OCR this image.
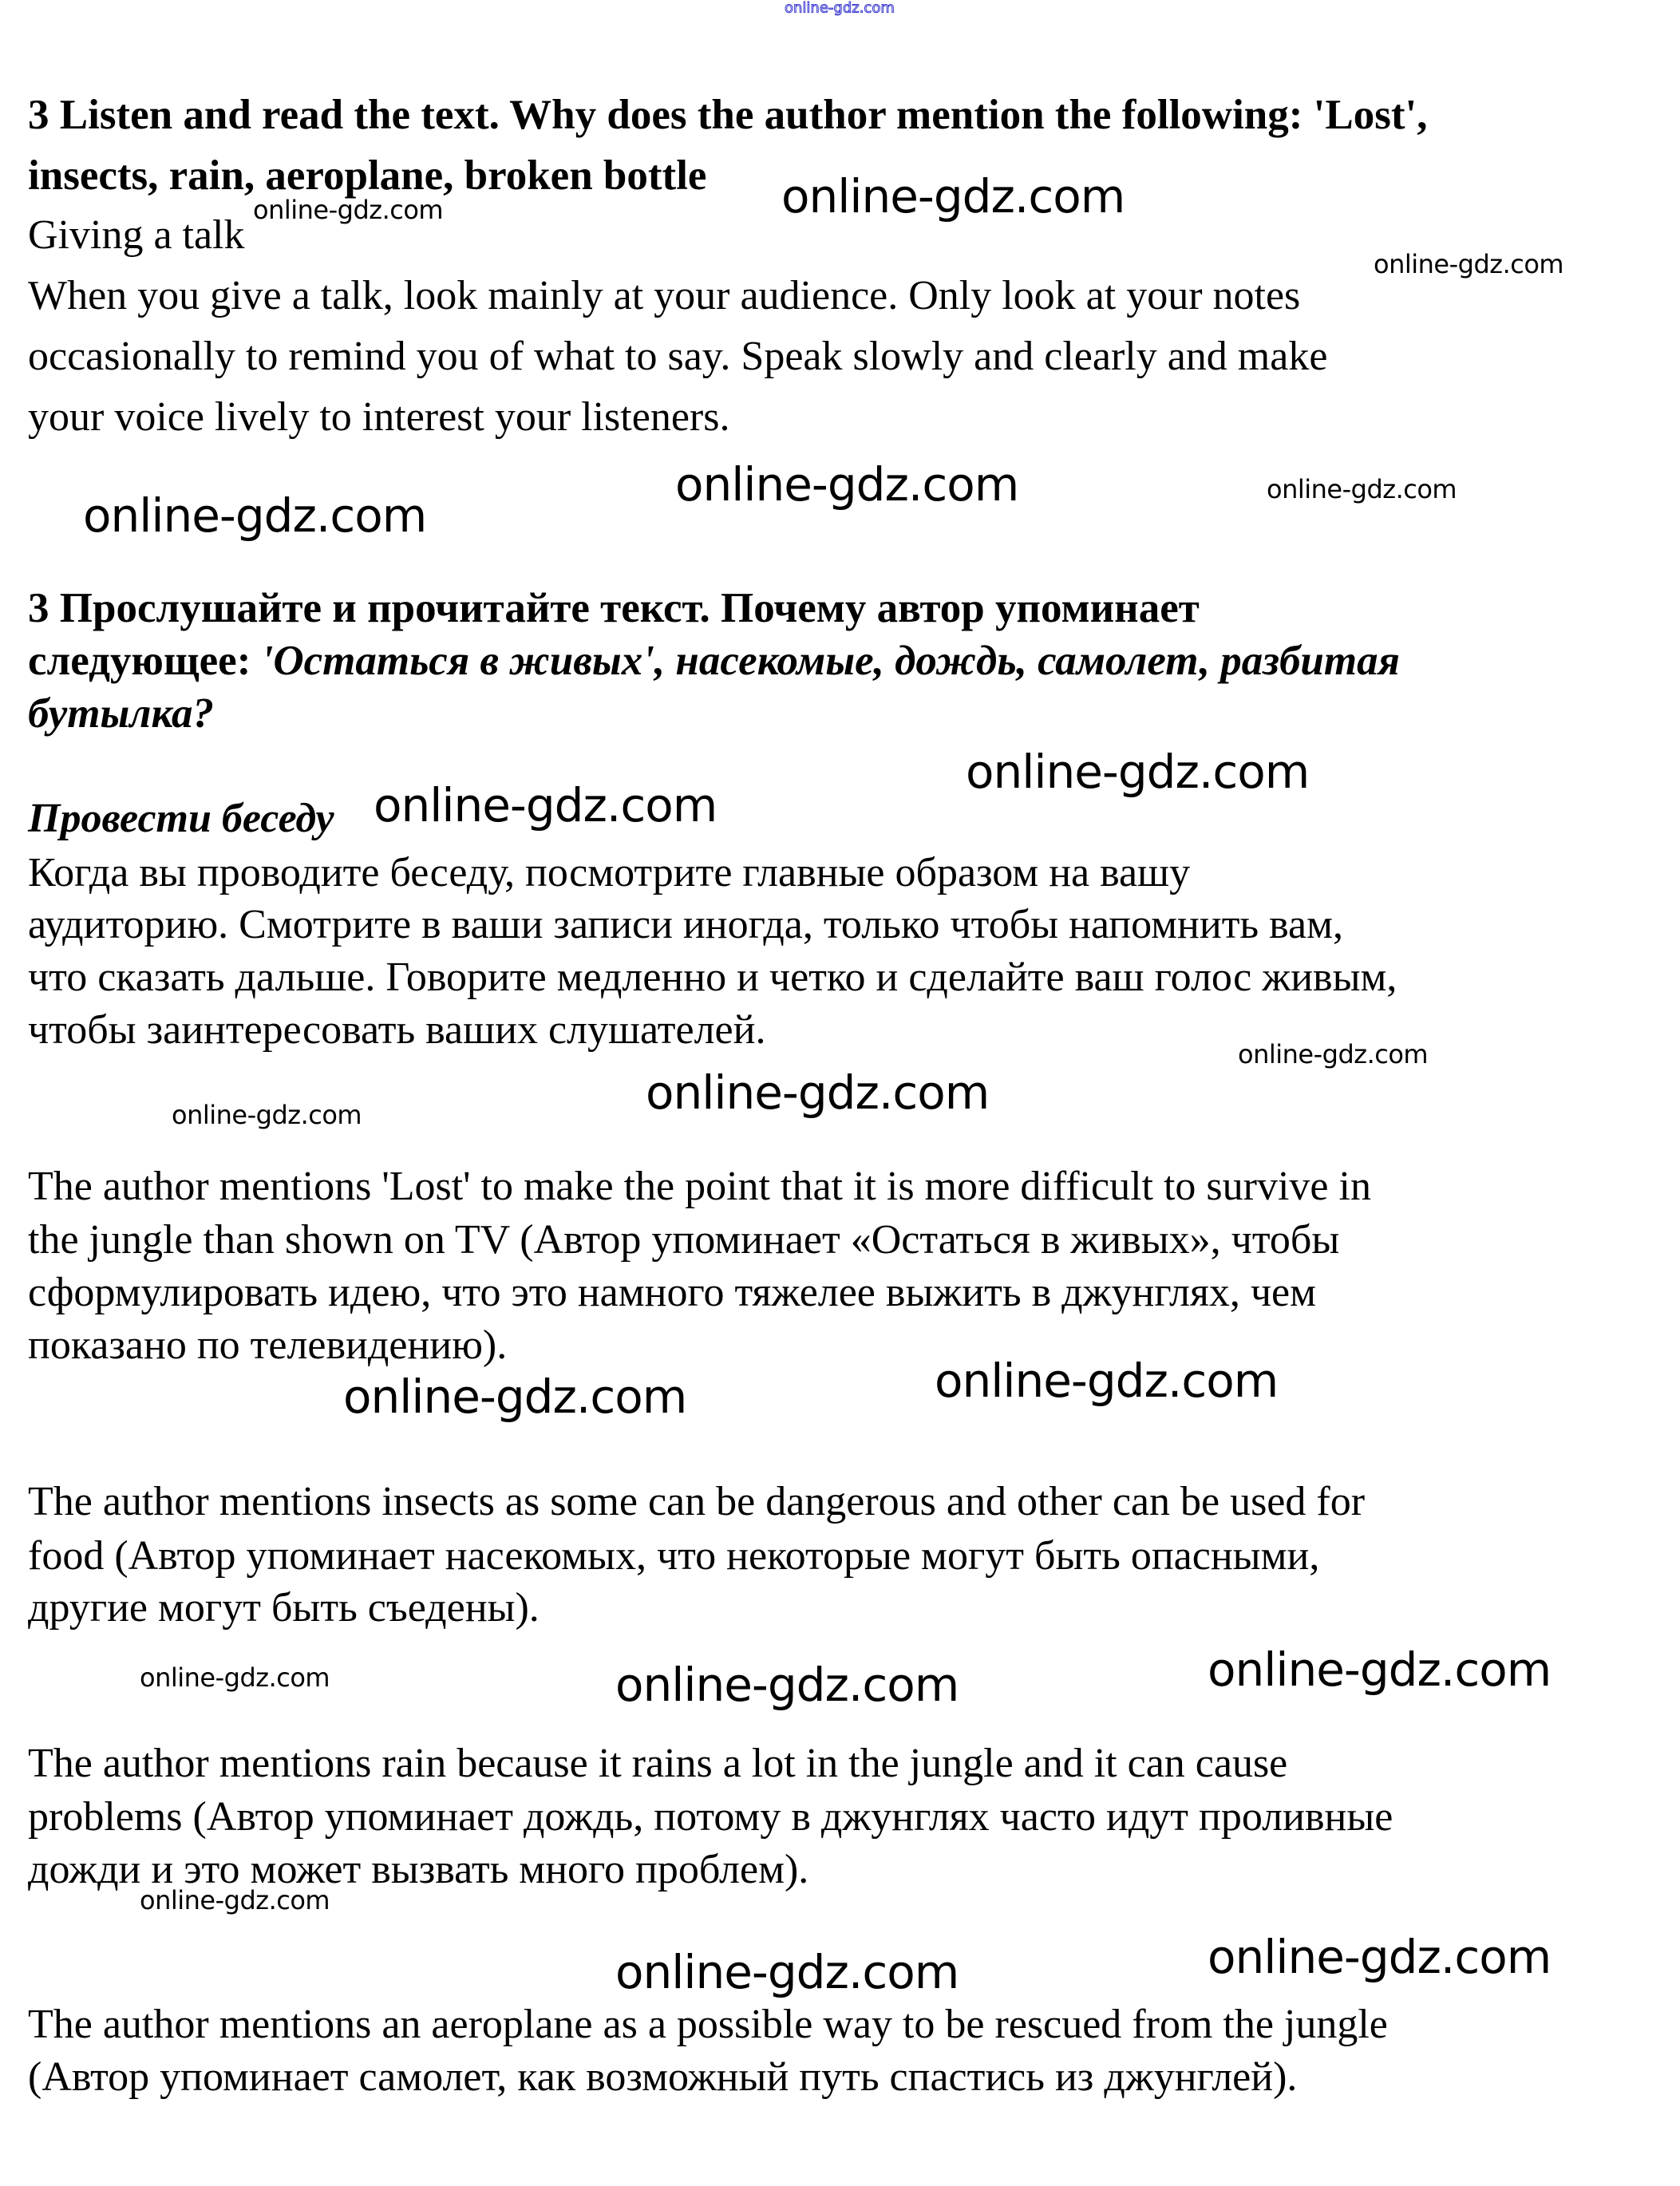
online-gdz.com
3 Listen and read the text. Why does the author mention the following: 'Lost',
insects, rain, aeroplane, broken bottle
Giving a talk
When you give a talk, look mainly at your audience. Only look at your notes
occasionally to remind you of what to say. Speak slowly and clearly and make
your voice lively to interest your listeners.
3 Прослушайте и прочитайте текст. Почему автор упоминает
следующее: 'Остаться в живых', насекомые, дождь, самолет, разбитая
бутылка?
Провести беседу
Когда вы проводите беседу, посмотрите главные образом на вашу
аудиторию. Смотрите в ваши записи иногда, только чтобы напомнить вам,
что сказать дальше. Говорите медленно и четко и сделайте ваш голос живым,
чтобы заинтересовать ваших слушателей.
The author mentions 'Lost' to make the point that it is more difficult to survive in
the jungle than shown on TV (Автор упоминает «Остаться в живых», чтобы
сформулировать идею, что это намного тяжелее выжить в джунглях, чем
показано по телевидению).
The author mentions insects as some can be dangerous and other can be used for
food (Автор упоминает насекомых, что некоторые могут быть опасными,
другие могут быть съедены).
The author mentions rain because it rains a lot in the jungle and it can cause
problems (Автор упоминает дождь, потому в джунглях часто идут проливные
дожди и это может вызвать много проблем).
The author mentions an aeroplane as a possible way to be rescued from the jungle
(Автор упоминает самолет, как возможный путь спастись из джунглей).
online-gdz.com
online-gdz.com
online-gdz.com
online-gdz.com
online-gdz.com	online-gdz.com
online-gdz.com
online-gdz.com
online-gdz.com
online-gdz.com
online-gdz.com
online-gdz.com
online-gdz.com
online-gdz.com	online-gdz.com	online-gdz.com
online-gdz.com
online-gdz.com	online-gdz.com
